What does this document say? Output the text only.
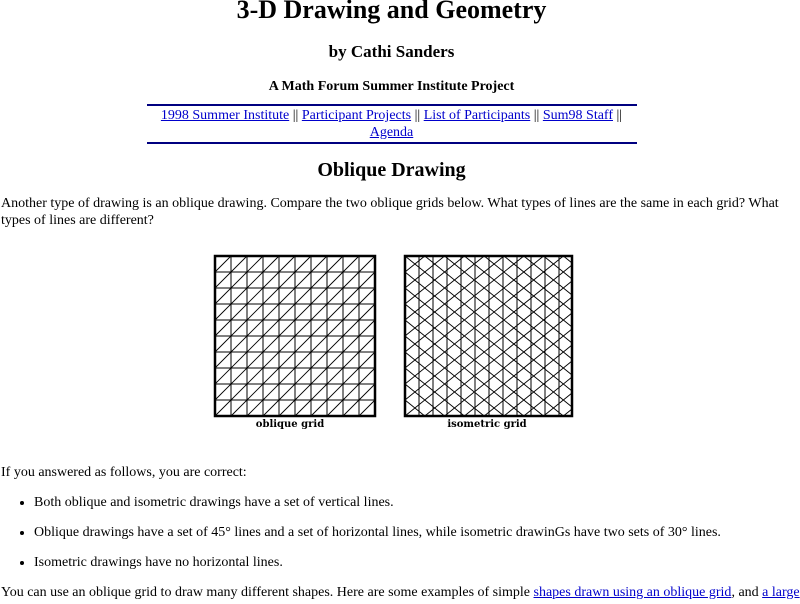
3-D Drawing and Geometry
by Cathi Sanders
A Math Forum Summer Institute Project
1998 Summer Institute || Participant Projects || List of Participants || Sum98 Staff || Agenda
Oblique Drawing

Another type of drawing is an oblique drawing. Compare the two oblique grids below. What types of lines are the same in each grid? What types of lines are different?

oblique grid	isometric grid

If you answered as follows, you are correct:

• Both oblique and isometric drawings have a set of vertical lines.
• Oblique drawings have a set of 45° lines and a set of horizontal lines, while isometric drawinGs have two sets of 30° lines.
• Isometric drawings have no horizontal lines.

You can use an oblique grid to draw many different shapes. Here are some examples of simple shapes drawn using an oblique grid, and a large
